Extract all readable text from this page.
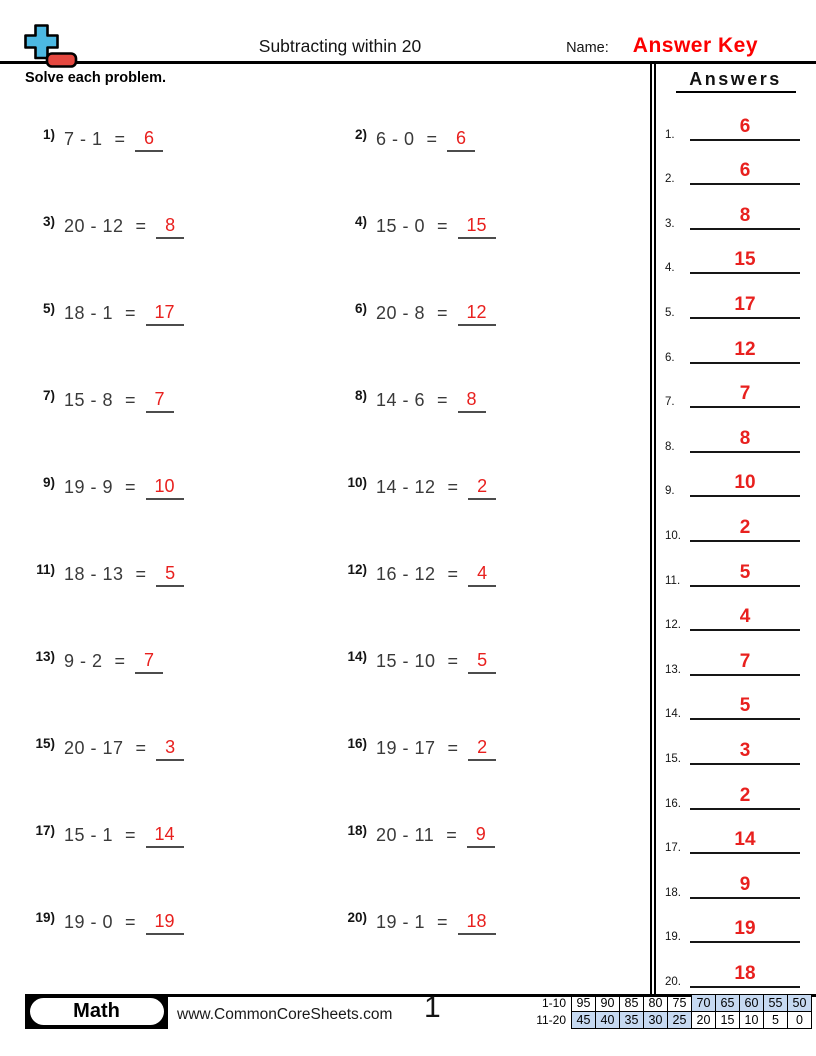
Subtracting within 20	Name: Answer Key
Solve each problem.
1) 7 - 1 =	6	2) 6 - 0 =	6
3) 20 - 12 =	8	4) 15 - 0 =	15
5) 18 - 1 =	17	6) 20 - 8 =	12
7) 15 - 8 =	7	8) 14 - 6 =	8
9) 19 - 9 =	10	10) 14 - 12 =	2
11) 18 - 13 =	5	12) 16 - 12 =	4
13) 9 - 2 =	7	14) 15 - 10 =	5
15) 20 - 17 =	3	16) 19 - 17 =	2
17) 15 - 1 =	14	18) 20 - 11 =	9
19) 19 - 0 =	19	20) 19 - 1 =	18
Answers
1.	6
2.	6
3.	8
4.	15
5.	17
6.	12
7.	7
8.	8
9.	10
10.	2
11.	5
12.	4
13.	7
14.	5
15.	3
16.	2
17.	14
18.	9
19.	19
20.	18
Math	www.CommonCoreSheets.com 1	1-10	95	90	85	80	75	70	65	60	55	50
11-20	45	40	35	30	25	20	15	10	5	0
